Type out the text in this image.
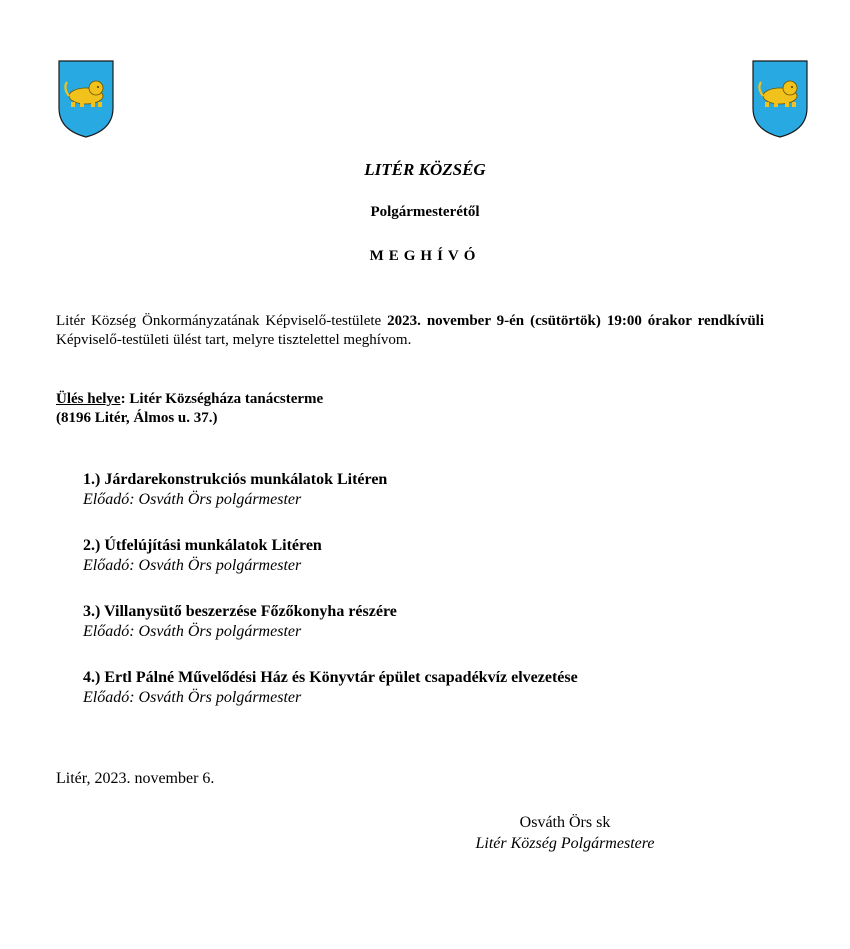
LITÉR KÖZSÉG
Polgármesterétől
MEGHÍVÓ
Litér Község Önkormányzatának Képviselő-testülete 2023. november 9-én (csütörtök) 19:00 órakor rendkívüli Képviselő-testületi ülést tart, melyre tisztelettel meghívom.
Ülés helye: Litér Községháza tanácsterme
(8196 Litér, Álmos u. 37.)
1.) Járdarekonstrukciós munkálatok Litéren
Előadó: Osváth Örs polgármester
2.) Útfelújítási munkálatok Litéren
Előadó: Osváth Örs polgármester
3.) Villanysütő beszerzése Főzőkonyha részére
Előadó: Osváth Örs polgármester
4.) Ertl Pálné Művelődési Ház és Könyvtár épület csapadékvíz elvezetése
Előadó: Osváth Örs polgármester
Litér, 2023. november 6.
Osváth Örs sk
Litér Község Polgármestere
